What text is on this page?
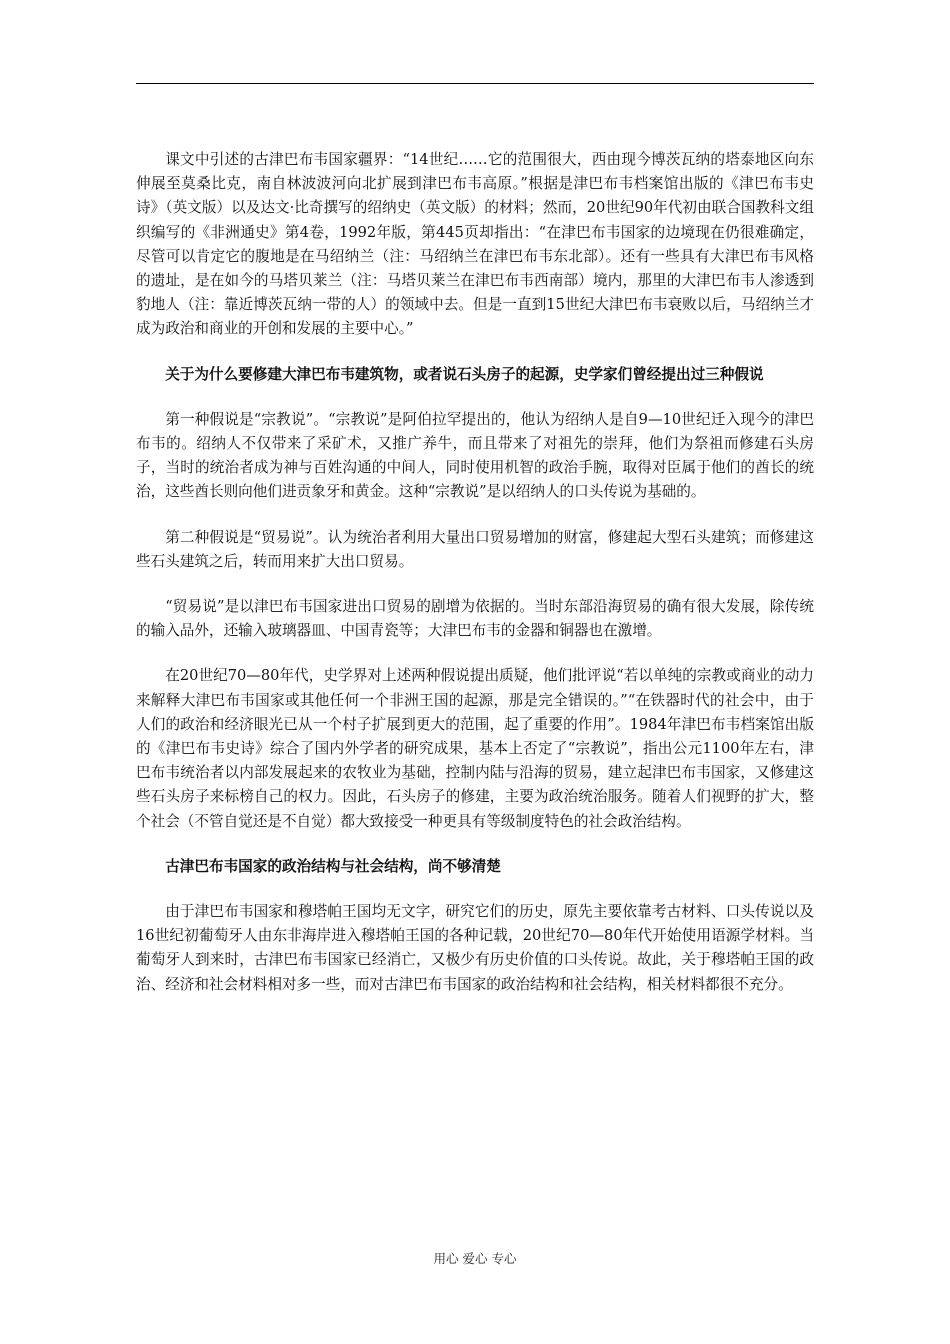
课文中引述的古津巴布韦国家疆界：“14世纪……它的范围很大，西由现今博茨瓦纳的塔泰地区向东伸展至莫桑比克，南自林波波河向北扩展到津巴布韦高原。”根据是津巴布韦档案馆出版的《津巴布韦史诗》（英文版）以及达文·比奇撰写的绍纳史（英文版）的材料；然而，20世纪90年代初由联合国教科文组织编写的《非洲通史》第4卷，1992年版，第445页却指出：“在津巴布韦国家的边境现在仍很难确定，尽管可以肯定它的腹地是在马绍纳兰（注：马绍纳兰在津巴布韦东北部）。还有一些具有大津巴布韦风格的遗址，是在如今的马塔贝莱兰（注：马塔贝莱兰在津巴布韦西南部）境内，那里的大津巴布韦人渗透到豹地人（注：靠近博茨瓦纳一带的人）的领域中去。但是一直到15世纪大津巴布韦衰败以后，马绍纳兰才成为政治和商业的开创和发展的主要中心。”

关于为什么要修建大津巴布韦建筑物，或者说石头房子的起源，史学家们曾经提出过三种假说

第一种假说是“宗教说”。“宗教说”是阿伯拉罕提出的，他认为绍纳人是自9—10世纪迁入现今的津巴布韦的。绍纳人不仅带来了采矿术，又推广养牛，而且带来了对祖先的崇拜，他们为祭祖而修建石头房子，当时的统治者成为神与百姓沟通的中间人，同时使用机智的政治手腕，取得对臣属于他们的酋长的统治，这些酋长则向他们进贡象牙和黄金。这种“宗教说”是以绍纳人的口头传说为基础的。

第二种假说是“贸易说”。认为统治者利用大量出口贸易增加的财富，修建起大型石头建筑；而修建这些石头建筑之后，转而用来扩大出口贸易。

“贸易说”是以津巴布韦国家进出口贸易的剧增为依据的。当时东部沿海贸易的确有很大发展，除传统的输入品外，还输入玻璃器皿、中国青瓷等；大津巴布韦的金器和铜器也在激增。

在20世纪70—80年代，史学界对上述两种假说提出质疑，他们批评说“若以单纯的宗教或商业的动力来解释大津巴布韦国家或其他任何一个非洲王国的起源，那是完全错误的。”“在铁器时代的社会中，由于人们的政治和经济眼光已从一个村子扩展到更大的范围，起了重要的作用”。1984年津巴布韦档案馆出版的《津巴布韦史诗》综合了国内外学者的研究成果，基本上否定了“宗教说”，指出公元1100年左右，津巴布韦统治者以内部发展起来的农牧业为基础，控制内陆与沿海的贸易，建立起津巴布韦国家，又修建这些石头房子来标榜自己的权力。因此，石头房子的修建，主要为政治统治服务。随着人们视野的扩大，整个社会（不管自觉还是不自觉）都大致接受一种更具有等级制度特色的社会政治结构。

古津巴布韦国家的政治结构与社会结构，尚不够清楚

由于津巴布韦国家和穆塔帕王国均无文字，研究它们的历史，原先主要依靠考古材料、口头传说以及16世纪初葡萄牙人由东非海岸进入穆塔帕王国的各种记载，20世纪70—80年代开始使用语源学材料。当葡萄牙人到来时，古津巴布韦国家已经消亡，又极少有历史价值的口头传说。故此，关于穆塔帕王国的政治、经济和社会材料相对多一些，而对古津巴布韦国家的政治结构和社会结构，相关材料都很不充分。

用心 爱心 专心
